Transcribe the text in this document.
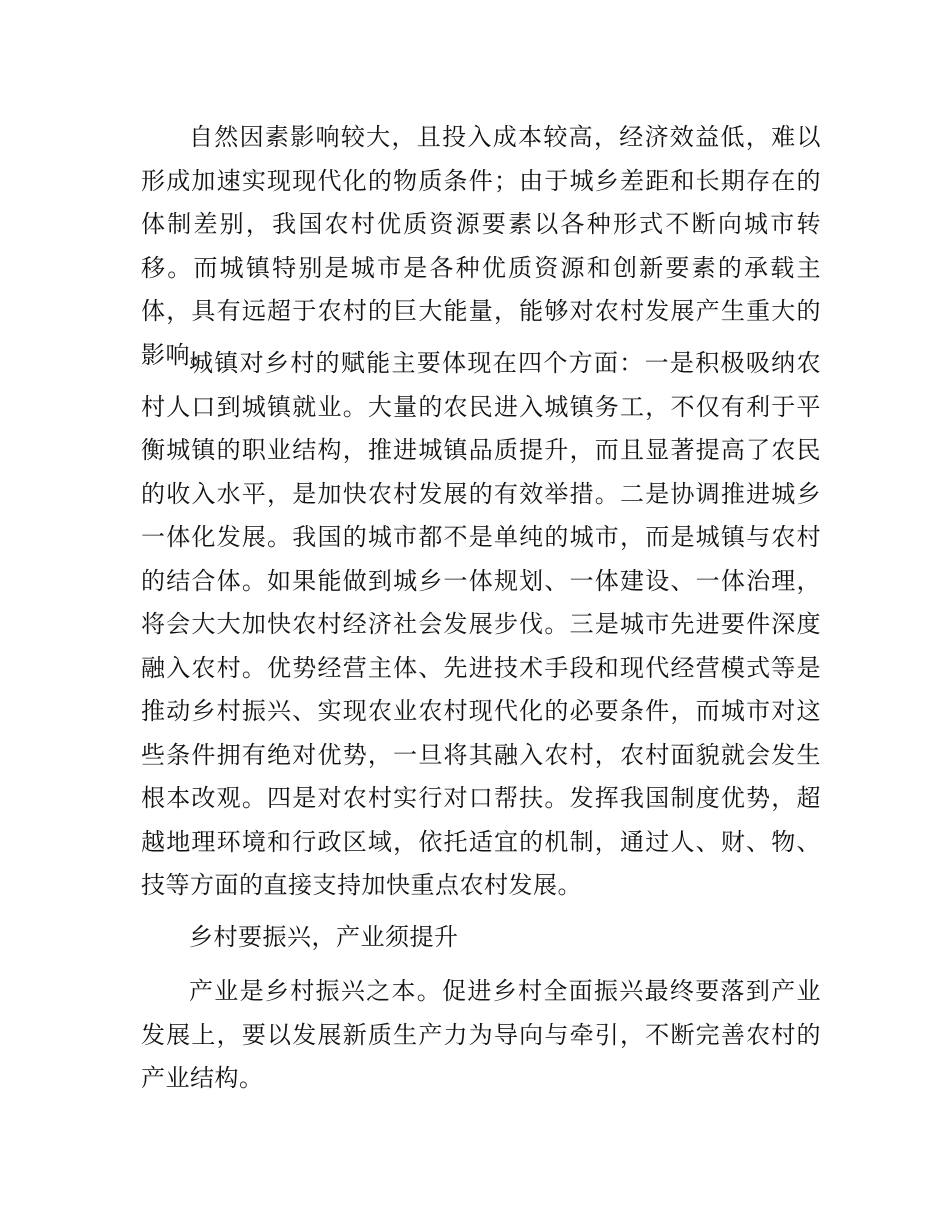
自然因素影响较大，且投入成本较高，经济效益低，难以形成加速实现现代化的物质条件；由于城乡差距和长期存在的体制差别，我国农村优质资源要素以各种形式不断向城市转移。而城镇特别是城市是各种优质资源和创新要素的承载主体，具有远超于农村的巨大能量，能够对农村发展产生重大的影响。

城镇对乡村的赋能主要体现在四个方面：一是积极吸纳农村人口到城镇就业。大量的农民进入城镇务工，不仅有利于平衡城镇的职业结构，推进城镇品质提升，而且显著提高了农民的收入水平，是加快农村发展的有效举措。二是协调推进城乡一体化发展。我国的城市都不是单纯的城市，而是城镇与农村的结合体。如果能做到城乡一体规划、一体建设、一体治理，将会大大加快农村经济社会发展步伐。三是城市先进要件深度融入农村。优势经营主体、先进技术手段和现代经营模式等是推动乡村振兴、实现农业农村现代化的必要条件，而城市对这些条件拥有绝对优势，一旦将其融入农村，农村面貌就会发生根本改观。四是对农村实行对口帮扶。发挥我国制度优势，超越地理环境和行政区域，依托适宜的机制，通过人、财、物、技等方面的直接支持加快重点农村发展。

乡村要振兴，产业须提升

产业是乡村振兴之本。促进乡村全面振兴最终要落到产业发展上，要以发展新质生产力为导向与牵引，不断完善农村的产业结构。
